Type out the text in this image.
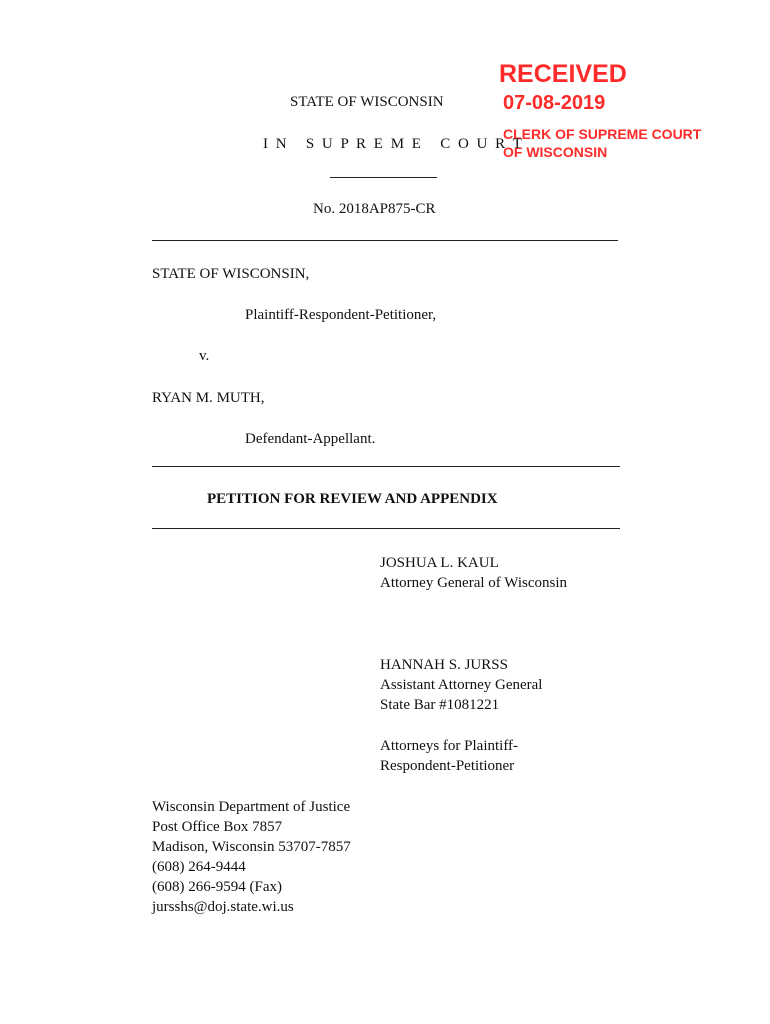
RECEIVED
07-08-2019
CLERK OF SUPREME COURT
OF WISCONSIN
STATE OF WISCONSIN
I N   S U P R E M E   C O U R T
No. 2018AP875-CR
STATE OF WISCONSIN,
Plaintiff-Respondent-Petitioner,
v.
RYAN M. MUTH,
Defendant-Appellant.
PETITION FOR REVIEW AND APPENDIX
JOSHUA L. KAUL
Attorney General of Wisconsin
HANNAH S. JURSS
Assistant Attorney General
State Bar #1081221
Attorneys for Plaintiff-
Respondent-Petitioner
Wisconsin Department of Justice
Post Office Box 7857
Madison, Wisconsin 53707-7857
(608) 264-9444
(608) 266-9594 (Fax)
jursshs@doj.state.wi.us
